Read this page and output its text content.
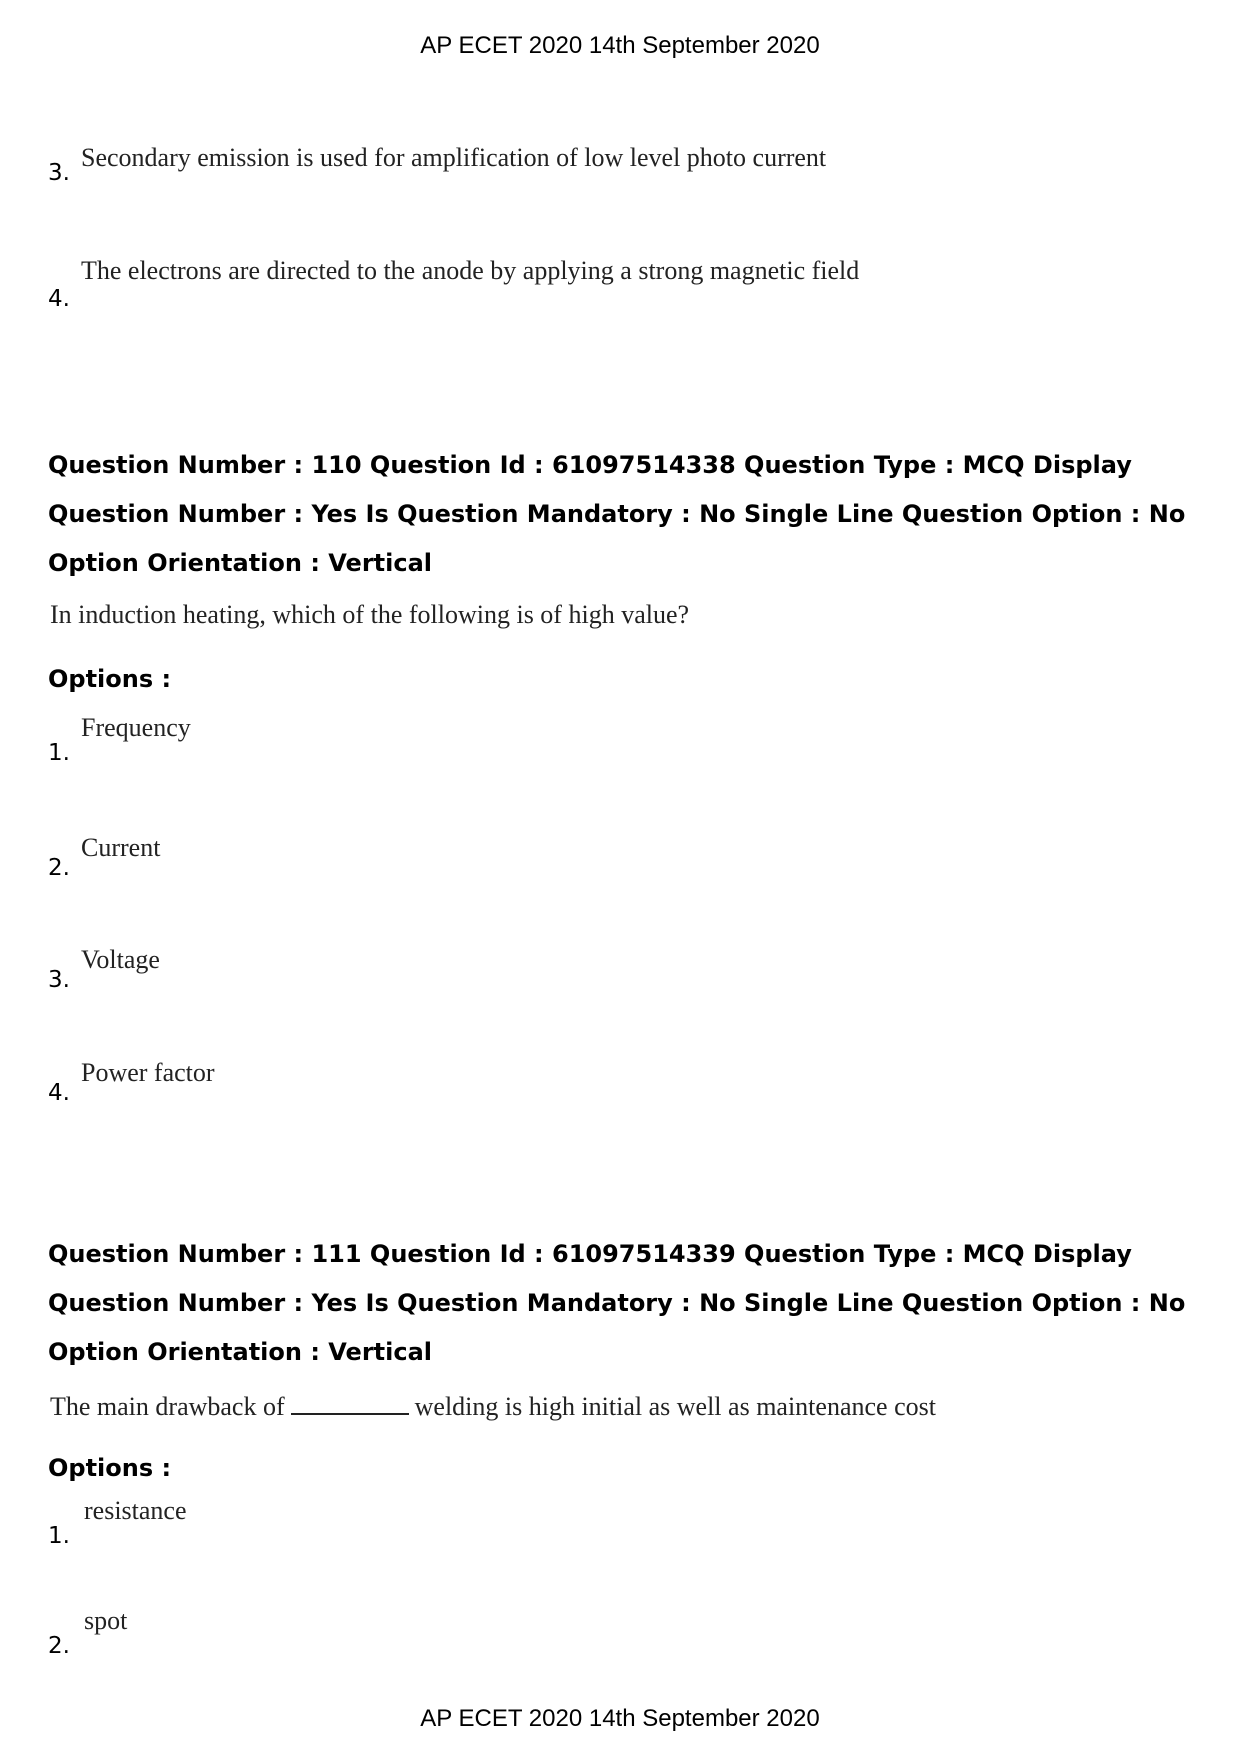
AP ECET 2020 14th September 2020
3.
Secondary emission is used for amplification of low level photo current
4.
The electrons are directed to the anode by applying a strong magnetic field
Question Number : 110 Question Id : 61097514338 Question Type : MCQ Display Question Number : Yes Is Question Mandatory : No Single Line Question Option : No Option Orientation : Vertical
In induction heating, which of the following is of high value?
Options :
1.
Frequency
2.
Current
3.
Voltage
4.
Power factor
Question Number : 111 Question Id : 61097514339 Question Type : MCQ Display Question Number : Yes Is Question Mandatory : No Single Line Question Option : No Option Orientation : Vertical
The main drawback of	welding is high initial as well as maintenance cost
Options :
1.
resistance
2.
spot
AP ECET 2020 14th September 2020
